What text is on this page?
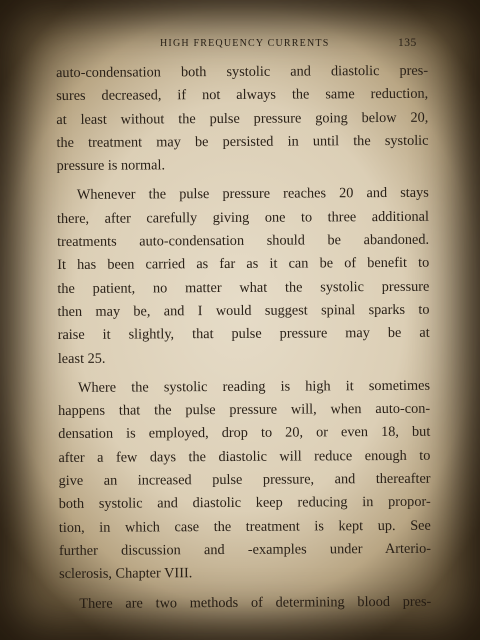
HIGH FREQUENCY CURRENTS	135
auto-condensation both systolic and diastolic pres-
sures decreased, if not always the same reduction,
at least without the pulse pressure going below 20,
the treatment may be persisted in until the systolic
pressure is normal.
Whenever the pulse pressure reaches 20 and stays
there, after carefully giving one to three additional
treatments auto-condensation should be abandoned.
It has been carried as far as it can be of benefit to
the patient, no matter what the systolic pressure
then may be, and I would suggest spinal sparks to
raise it slightly, that pulse pressure may be at
least 25.
Where the systolic reading is high it sometimes
happens that the pulse pressure will, when auto-con-
densation is employed, drop to 20, or even 18, but
after a few days the diastolic will reduce enough to
give an increased pulse pressure, and thereafter
both systolic and diastolic keep reducing in propor-
tion, in which case the treatment is kept up. See
further discussion and -examples under Arterio-
sclerosis, Chapter VIII.
There are two methods of determining blood pres-
